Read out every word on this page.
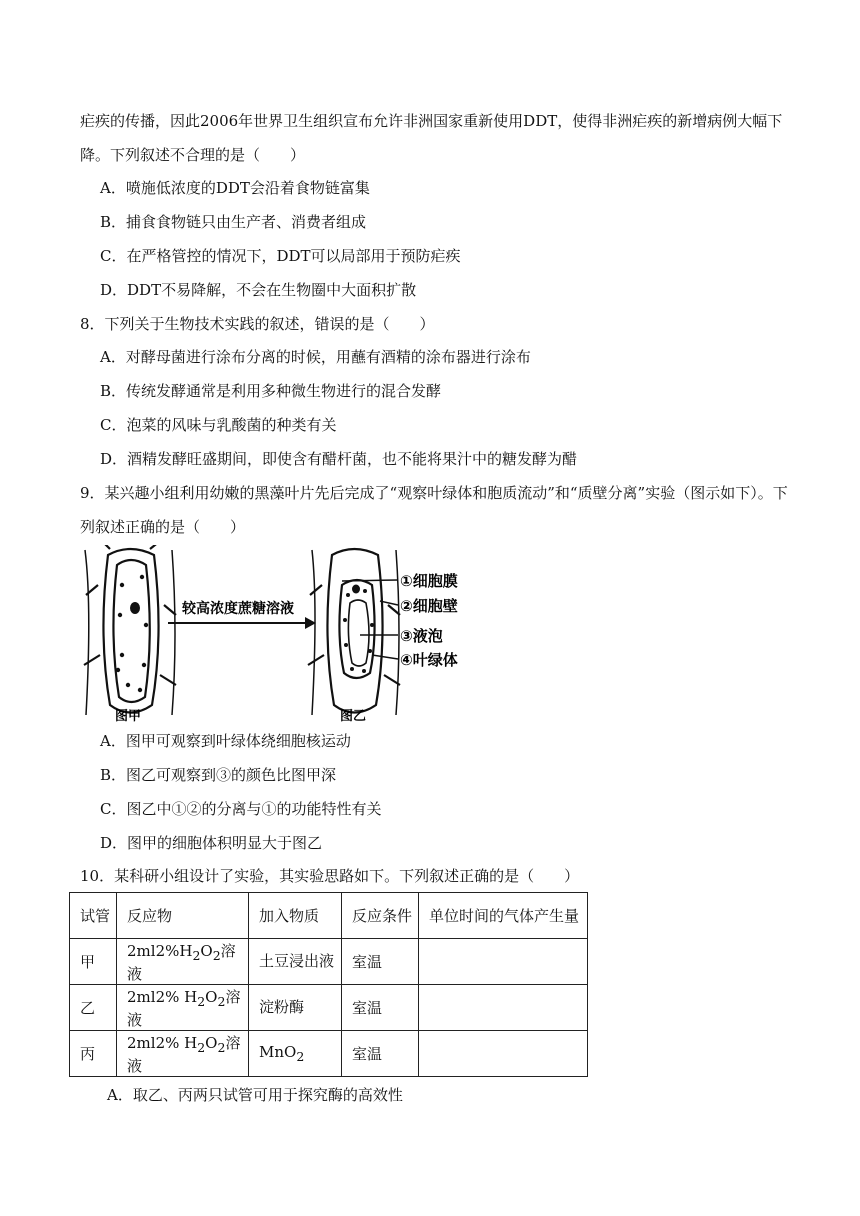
疟疾的传播，因此2006年世界卫生组织宣布允许非洲国家重新使用DDT，使得非洲疟疾的新增病例大幅下
降。下列叙述不合理的是（　　）
A．喷施低浓度的DDT会沿着食物链富集
B．捕食食物链只由生产者、消费者组成
C．在严格管控的情况下，DDT可以局部用于预防疟疾
D．DDT不易降解，不会在生物圈中大面积扩散
8．下列关于生物技术实践的叙述，错误的是（　　）
A．对酵母菌进行涂布分离的时候，用蘸有酒精的涂布器进行涂布
B．传统发酵通常是利用多种微生物进行的混合发酵
C．泡菜的风味与乳酸菌的种类有关
D．酒精发酵旺盛期间，即使含有醋杆菌，也不能将果汁中的糖发酵为醋
9．某兴趣小组利用幼嫩的黑藻叶片先后完成了“观察叶绿体和胞质流动”和“质壁分离”实验（图示如下）。下
列叙述正确的是（　　）
图甲
较高浓度蔗糖溶液
图乙
①细胞膜
②细胞壁
③液泡
④叶绿体
A．图甲可观察到叶绿体绕细胞核运动
B．图乙可观察到③的颜色比图甲深
C．图乙中①②的分离与①的功能特性有关
D．图甲的细胞体积明显大于图乙
10．某科研小组设计了实验，其实验思路如下。下列叙述正确的是（　　）
试管	反应物	加入物质	反应条件	单位时间的气体产生量
甲	$2ml2\%H_2O_2$溶液	土豆浸出液	室温	
乙	2ml2% $H_2O_2$溶液	淀粉酶	室温	
丙	2ml2% $H_2O_2$溶液	MnO$_2$	室温	
A．取乙、丙两只试管可用于探究酶的高效性
